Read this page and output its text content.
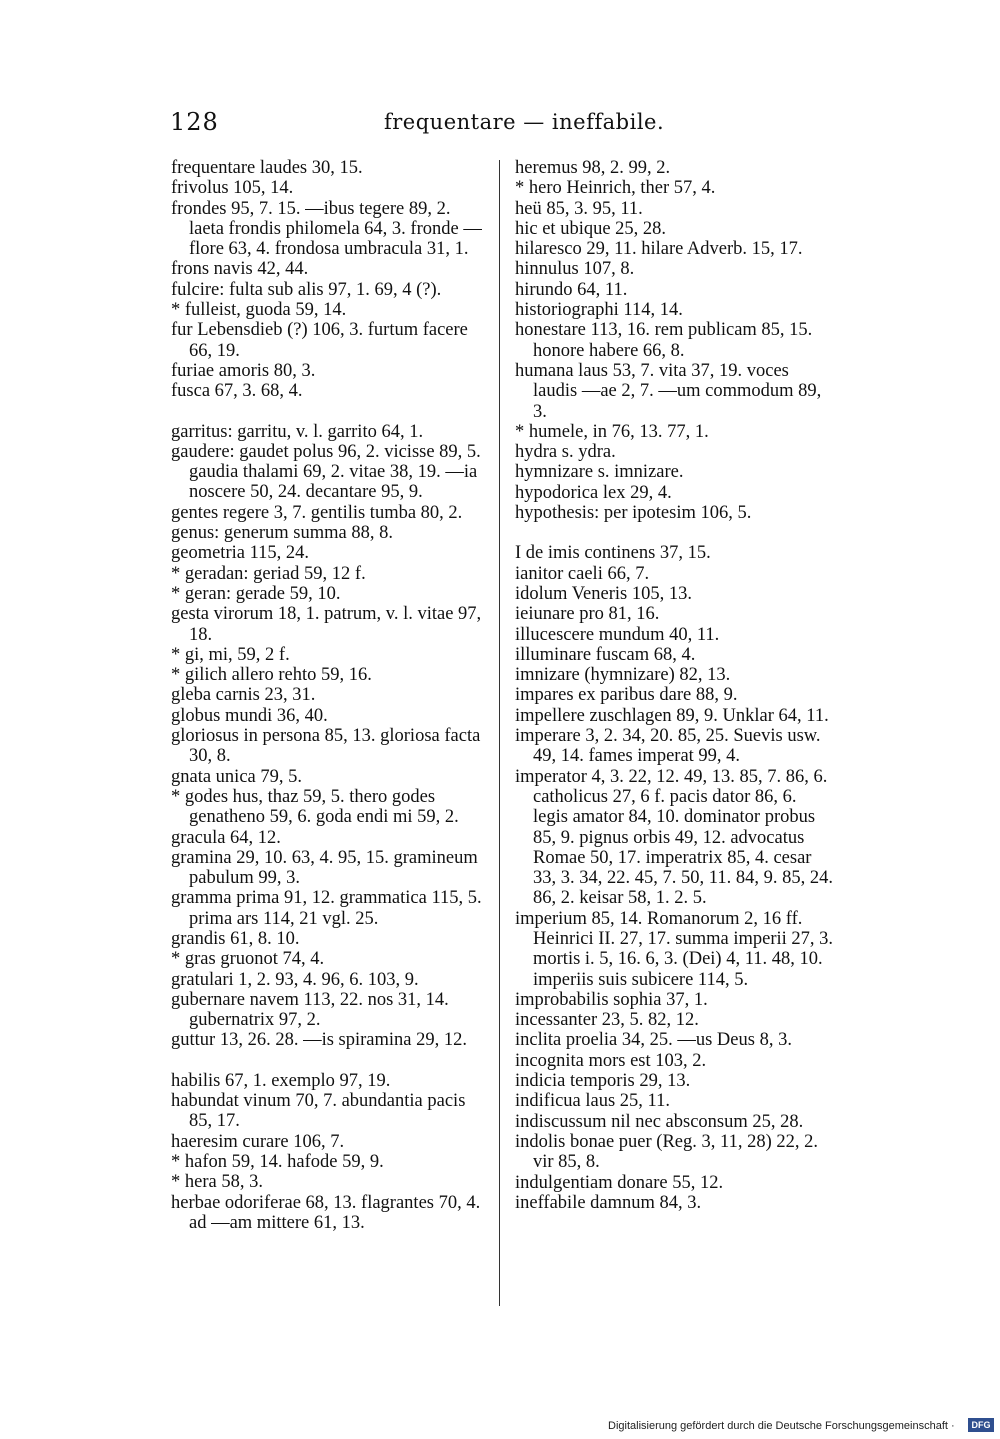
128	frequentare — ineffabile.

frequentare laudes 30, 15.

frivolus 105, 14.

frondes 95, 7. 15. —ibus tegere 89, 2. laeta frondis philomela 64, 3. fronde — flore 63, 4. frondosa umbracula 31, 1.

frons navis 42, 44.

fulcire: fulta sub alis 97, 1. 69, 4 (?).

* fulleist, guoda 59, 14.

fur Lebensdieb (?) 106, 3. furtum facere 66, 19.

furiae amoris 80, 3.

fusca 67, 3. 68, 4.

garritus: garritu, v. l. garrito 64, 1.

gaudere: gaudet polus 96, 2. vicisse 89, 5. gaudia thalami 69, 2. vitae 38, 19. —ia noscere 50, 24. decantare 95, 9.

gentes regere 3, 7. gentilis tumba 80, 2.

genus: generum summa 88, 8.

geometria 115, 24.

* geradan: geriad 59, 12 f.

* geran: gerade 59, 10.

gesta virorum 18, 1. patrum, v. l. vitae 97, 18.

* gi, mi, 59, 2 f.

* gilich allero rehto 59, 16.

gleba carnis 23, 31.

globus mundi 36, 40.

gloriosus in persona 85, 13. gloriosa facta 30, 8.

gnata unica 79, 5.

* godes hus, thaz 59, 5. thero godes genatheno 59, 6. goda endi mi 59, 2.

gracula 64, 12.

gramina 29, 10. 63, 4. 95, 15. gramineum pabulum 99, 3.

gramma prima 91, 12. grammatica 115, 5. prima ars 114, 21 vgl. 25.

grandis 61, 8. 10.

* gras gruonot 74, 4.

gratulari 1, 2. 93, 4. 96, 6. 103, 9.

gubernare navem 113, 22. nos 31, 14. gubernatrix 97, 2.

guttur 13, 26. 28. —is spiramina 29, 12.

habilis 67, 1. exemplo 97, 19.

habundat vinum 70, 7. abundantia pacis 85, 17.

haeresim curare 106, 7.

* hafon 59, 14. hafode 59, 9.

* hera 58, 3.

herbae odoriferae 68, 13. flagrantes 70, 4. ad —am mittere 61, 13.

heremus 98, 2. 99, 2.

* hero Heinrich, ther 57, 4.

heü 85, 3. 95, 11.

hic et ubique 25, 28.

hilaresco 29, 11. hilare Adverb. 15, 17.

hinnulus 107, 8.

hirundo 64, 11.

historiographi 114, 14.

honestare 113, 16. rem publicam 85, 15. honore habere 66, 8.

humana laus 53, 7. vita 37, 19. voces laudis —ae 2, 7. —um commodum 89, 3.

* humele, in 76, 13. 77, 1.

hydra s. ydra.

hymnizare s. imnizare.

hypodorica lex 29, 4.

hypothesis: per ipotesim 106, 5.

I de imis continens 37, 15.

ianitor caeli 66, 7.

idolum Veneris 105, 13.

ieiunare pro 81, 16.

illucescere mundum 40, 11.

illuminare fuscam 68, 4.

imnizare (hymnizare) 82, 13.

impares ex paribus dare 88, 9.

impellere zuschlagen 89, 9. Unklar 64, 11.

imperare 3, 2. 34, 20. 85, 25. Suevis usw. 49, 14. fames imperat 99, 4.

imperator 4, 3. 22, 12. 49, 13. 85, 7. 86, 6. catholicus 27, 6 f. pacis dator 86, 6. legis amator 84, 10. dominator probus 85, 9. pignus orbis 49, 12. advocatus Romae 50, 17. imperatrix 85, 4. cesar 33, 3. 34, 22. 45, 7. 50, 11. 84, 9. 85, 24. 86, 2. keisar 58, 1. 2. 5.

imperium 85, 14. Romanorum 2, 16 ff. Heinrici II. 27, 17. summa imperii 27, 3. mortis i. 5, 16. 6, 3. (Dei) 4, 11. 48, 10. imperiis suis subicere 114, 5.

improbabilis sophia 37, 1.

incessanter 23, 5. 82, 12.

inclita proelia 34, 25. —us Deus 8, 3.

incognita mors est 103, 2.

indicia temporis 29, 13.

indificua laus 25, 11.

indiscussum nil nec absconsum 25, 28.

indolis bonae puer (Reg. 3, 11, 28) 22, 2. vir 85, 8.

indulgentiam donare 55, 12.

ineffabile damnum 84, 3.

Digitalisierung gefördert durch die Deutsche Forschungsgemeinschaft ·	DFG
